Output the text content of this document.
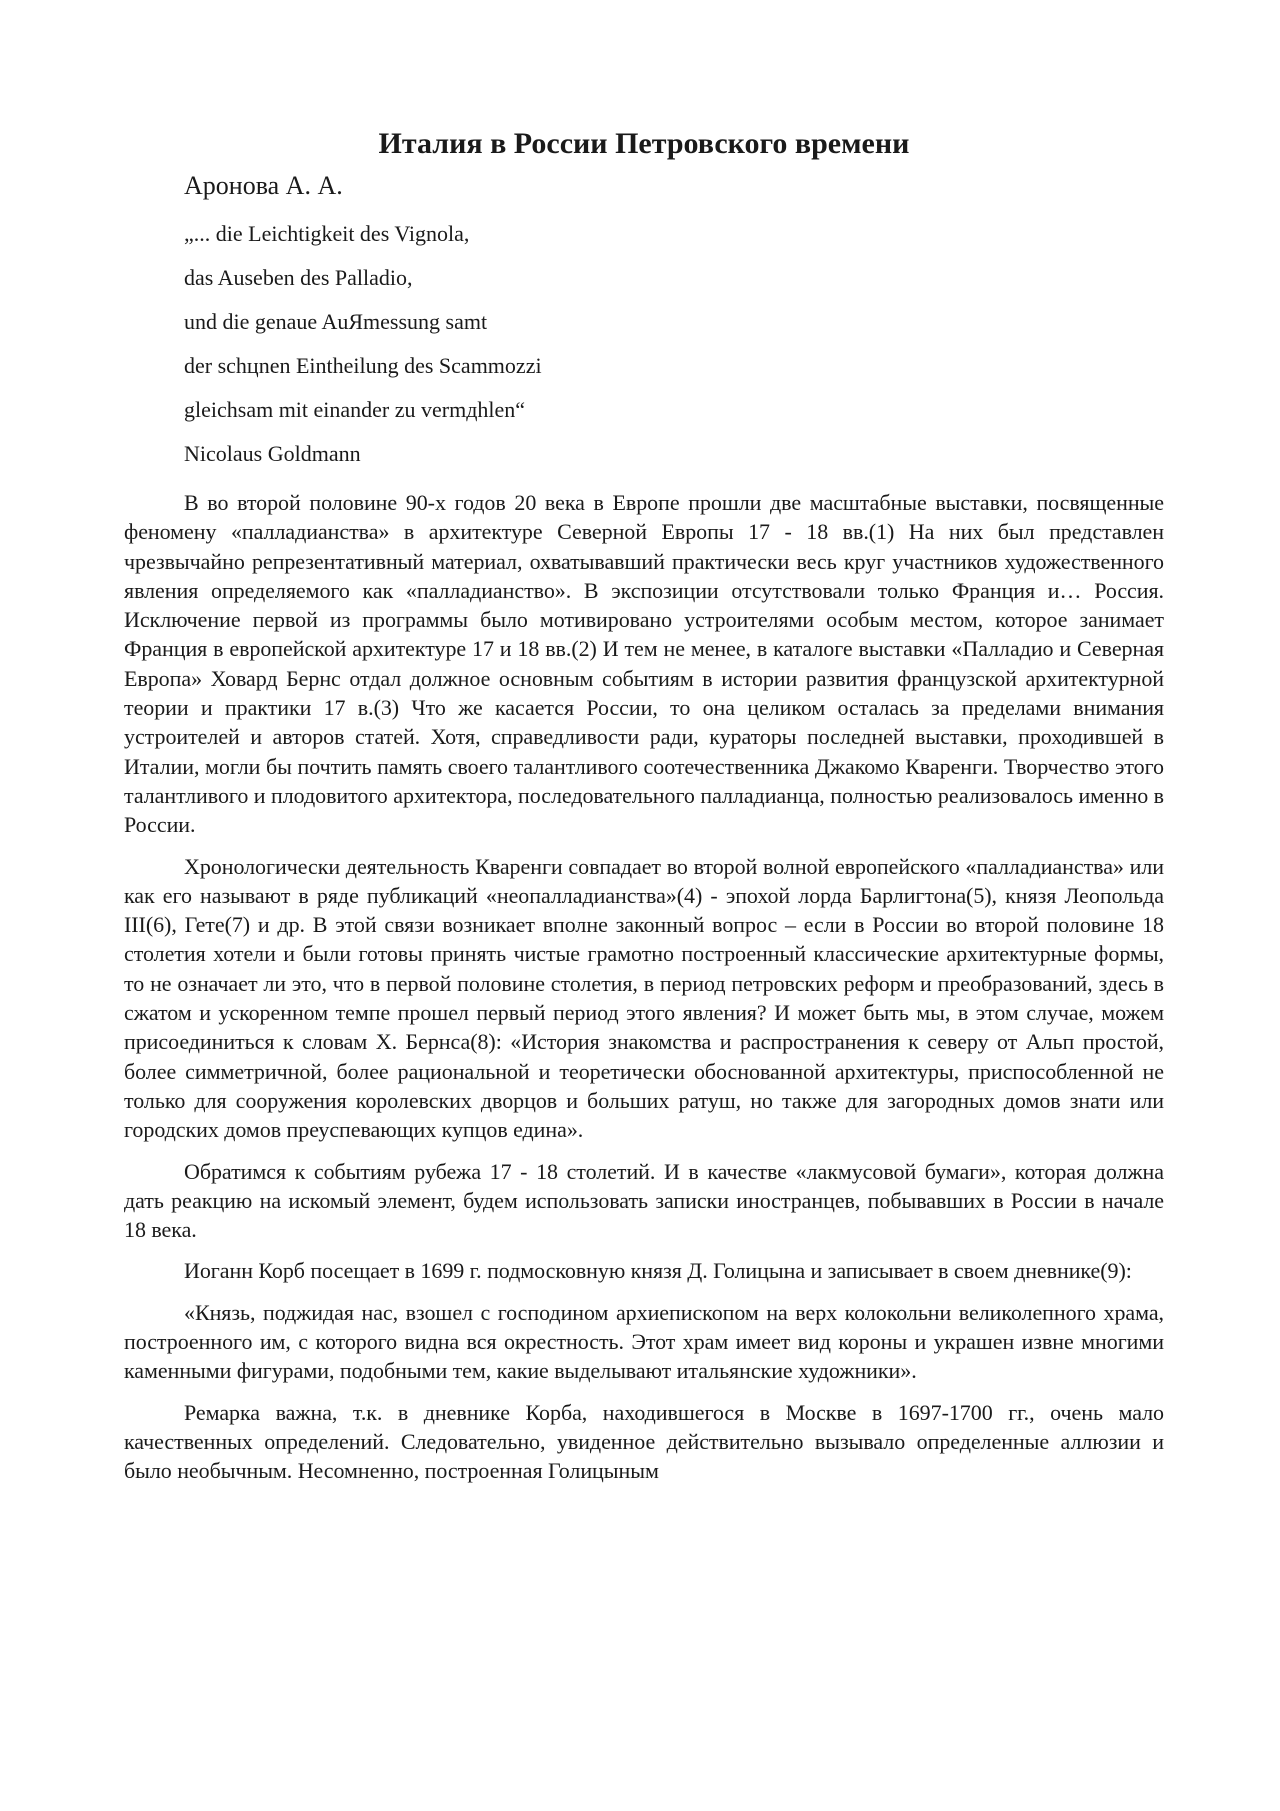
Италия в России Петровского времени
Аронова А. А.
„... die Leichtigkeit des Vignola,
das Auseben des Palladio,
und die genaue AuЯmessung samt
der schцnen Eintheilung des Scammozzi
gleichsam mit einander zu vermдhlen“
Nicolaus Goldmann

В во второй половине 90-х годов 20 века в Европе прошли две масштабные выставки, посвященные феномену «палладианства» в архитектуре Северной Европы 17 - 18 вв.(1) На них был представлен чрезвычайно репрезентативный материал, охватывавший практически весь круг участников художественного явления определяемого как «палладианство». В экспозиции отсутствовали только Франция и… Россия. Исключение первой из программы было мотивировано устроителями особым местом, которое занимает Франция в европейской архитектуре 17 и 18 вв.(2) И тем не менее, в каталоге выставки «Палладио и Северная Европа» Ховард Бернс отдал должное основным событиям в истории развития французской архитектурной теории и практики 17 в.(3) Что же касается России, то она целиком осталась за пределами внимания устроителей и авторов статей. Хотя, справедливости ради, кураторы последней выставки, проходившей в Италии, могли бы почтить память своего талантливого соотечественника Джакомо Кваренги. Творчество этого талантливого и плодовитого архитектора, последовательного палладианца, полностью реализовалось именно в России.

Хронологически деятельность Кваренги совпадает во второй волной европейского «палладианства» или как его называют в ряде публикаций «неопалладианства»(4) - эпохой лорда Барлигтона(5), князя Леопольда III(6), Гете(7) и др. В этой связи возникает вполне законный вопрос – если в России во второй половине 18 столетия хотели и были готовы принять чистые грамотно построенный классические архитектурные формы, то не означает ли это, что в первой половине столетия, в период петровских реформ и преобразований, здесь в сжатом и ускоренном темпе прошел первый период этого явления? И может быть мы, в этом случае, можем присоединиться к словам Х. Бернса(8): «История знакомства и распространения к северу от Альп простой, более симметричной, более рациональной и теоретически обоснованной архитектуры, приспособленной не только для сооружения королевских дворцов и больших ратуш, но также для загородных домов знати или городских домов преуспевающих купцов едина».

Обратимся к событиям рубежа 17 - 18 столетий. И в качестве «лакмусовой бумаги», которая должна дать реакцию на искомый элемент, будем использовать записки иностранцев, побывавших в России в начале 18 века.

Иоганн Корб посещает в 1699 г. подмосковную князя Д. Голицына и записывает в своем дневнике(9):

«Князь, поджидая нас, взошел с господином архиепископом на верх колокольни великолепного храма, построенного им, с которого видна вся окрестность. Этот храм имеет вид короны и украшен извне многими каменными фигурами, подобными тем, какие выделывают итальянские художники».

Ремарка важна, т.к. в дневнике Корба, находившегося в Москве в 1697-1700 гг., очень мало качественных определений. Следовательно, увиденное действительно вызывало определенные аллюзии и было необычным. Несомненно, построенная Голицыным
